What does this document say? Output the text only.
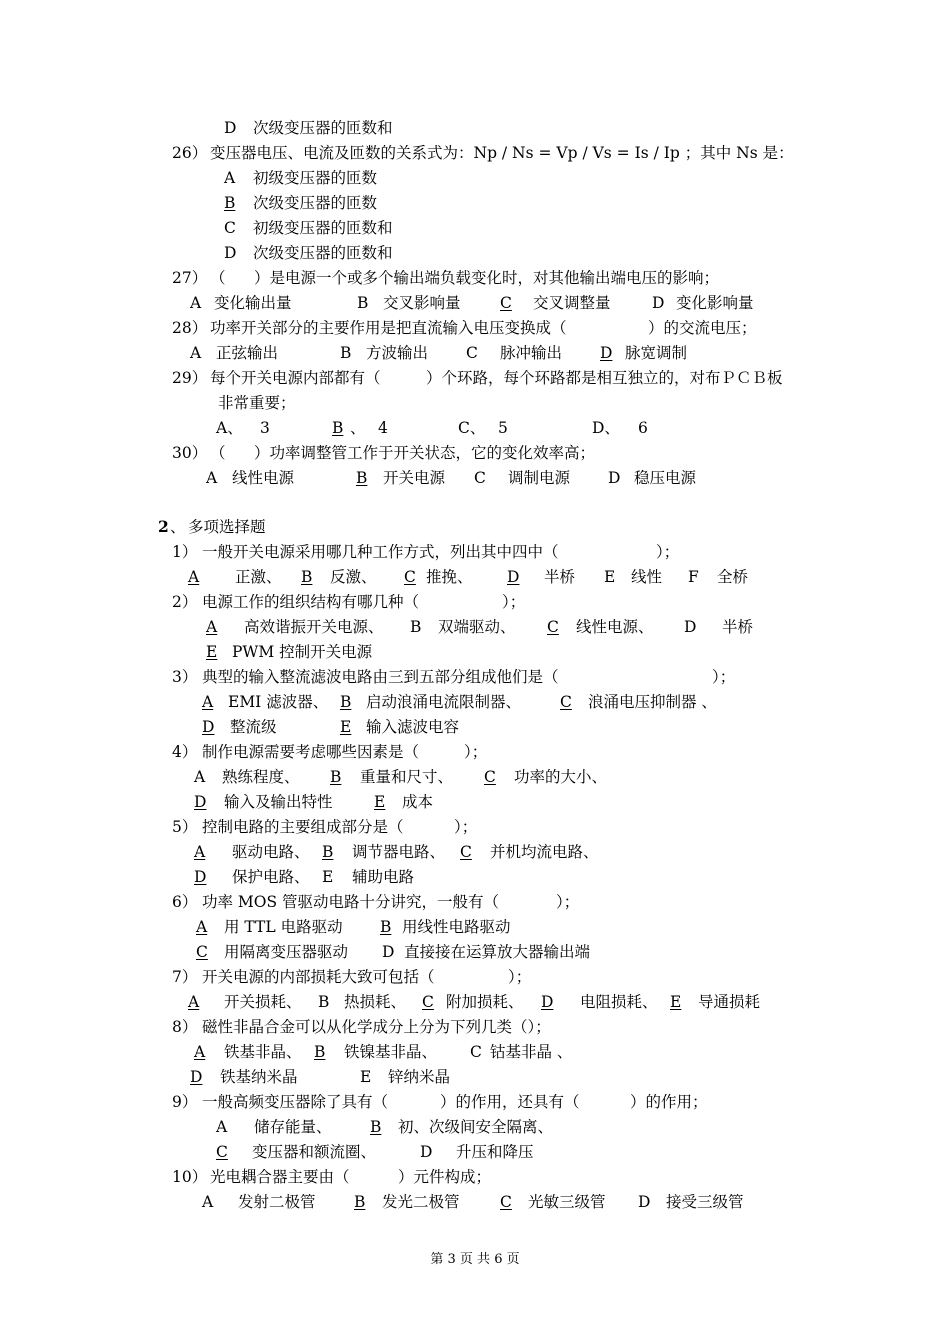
D 次级变压器的匝数和
26） 变压器电压、电流及匝数的关系式为：Np / Ns = Vp / Vs = Is / Ip ；其中 Ns 是：
A 初级变压器的匝数
B 次级变压器的匝数
C 初级变压器的匝数和
D 次级变压器的匝数和
27） （ ）是电源一个或多个输出端负载变化时，对其他输出端电压的影响；
A 变化输出量	B 交叉影响量	C 交叉调整量	D 变化影响量
28） 功率开关部分的主要作用是把直流输入电压变换成（	）的交流电压；
A 正弦输出	B 方波输出 C 脉冲输出 D 脉宽调制
29） 每个开关电源内部都有（	）个环路，每个环路都是相互独立的，对布ＰＣＢ板
非常重要；
A、 3	B 、 4	C、 5	D、 6
30） （ ）功率调整管工作于开关状态，它的变化效率高；
A 线性电源	B 开关电源 C 调制电源 D 稳压电源
2 、 多项选择题
1） 一般开关电源采用哪几种工作方式，列出其中四中（	）；
A 正激、 B 反激、 C 推挽、 D 半桥 E 线性 F 全桥
2） 电源工作的组织结构有哪几种（	）；
A 高效谐振开关电源、 B 双端驱动、 C 线性电源、 D 半桥
E PWM 控制开关电源
3） 典型的输入整流滤波电路由三到五部分组成他们是（	）；
A EMI 滤波器、 B 启动浪涌电流限制器、	C 浪涌电压抑制器 、
D 整流级	E 输入滤波电容
4） 制作电源需要考虑哪些因素是（	）；
A 熟练程度、 B 重量和尺寸、 C 功率的大小、
D 输入及输出特性	E 成本
5） 控制电路的主要组成部分是（	）；
A 驱动电路、 B 调节器电路、 C 并机均流电路、
D 保护电路、 E 辅助电路
6） 功率 MOS 管驱动电路十分讲究，一般有（	）；
A 用 TTL 电路驱动 B 用线性电路驱动
C 用隔离变压器驱动 D 直接接在运算放大器输出端
7） 开关电源的内部损耗大致可包括（	）；
A 开关损耗、 B 热损耗、 C 附加损耗、 D 电阻损耗、 E 导通损耗
8） 磁性非晶合金可以从化学成分上分为下列几类（）；
A 铁基非晶、 B 铁镍基非晶、 C 钴基非晶 、
D 铁基纳米晶	E 锌纳米晶
9） 一般高频变压器除了具有（	）的作用，还具有（	）的作用；
A 储存能量、 B 初、次级间安全隔离、
C 变压器和额流圈、	D 升压和降压
10） 光电耦合器主要由（	）元件构成；
A 发射二极管 B 发光二极管	C 光敏三级管 D 接受三级管
第 3 页 共 6 页
